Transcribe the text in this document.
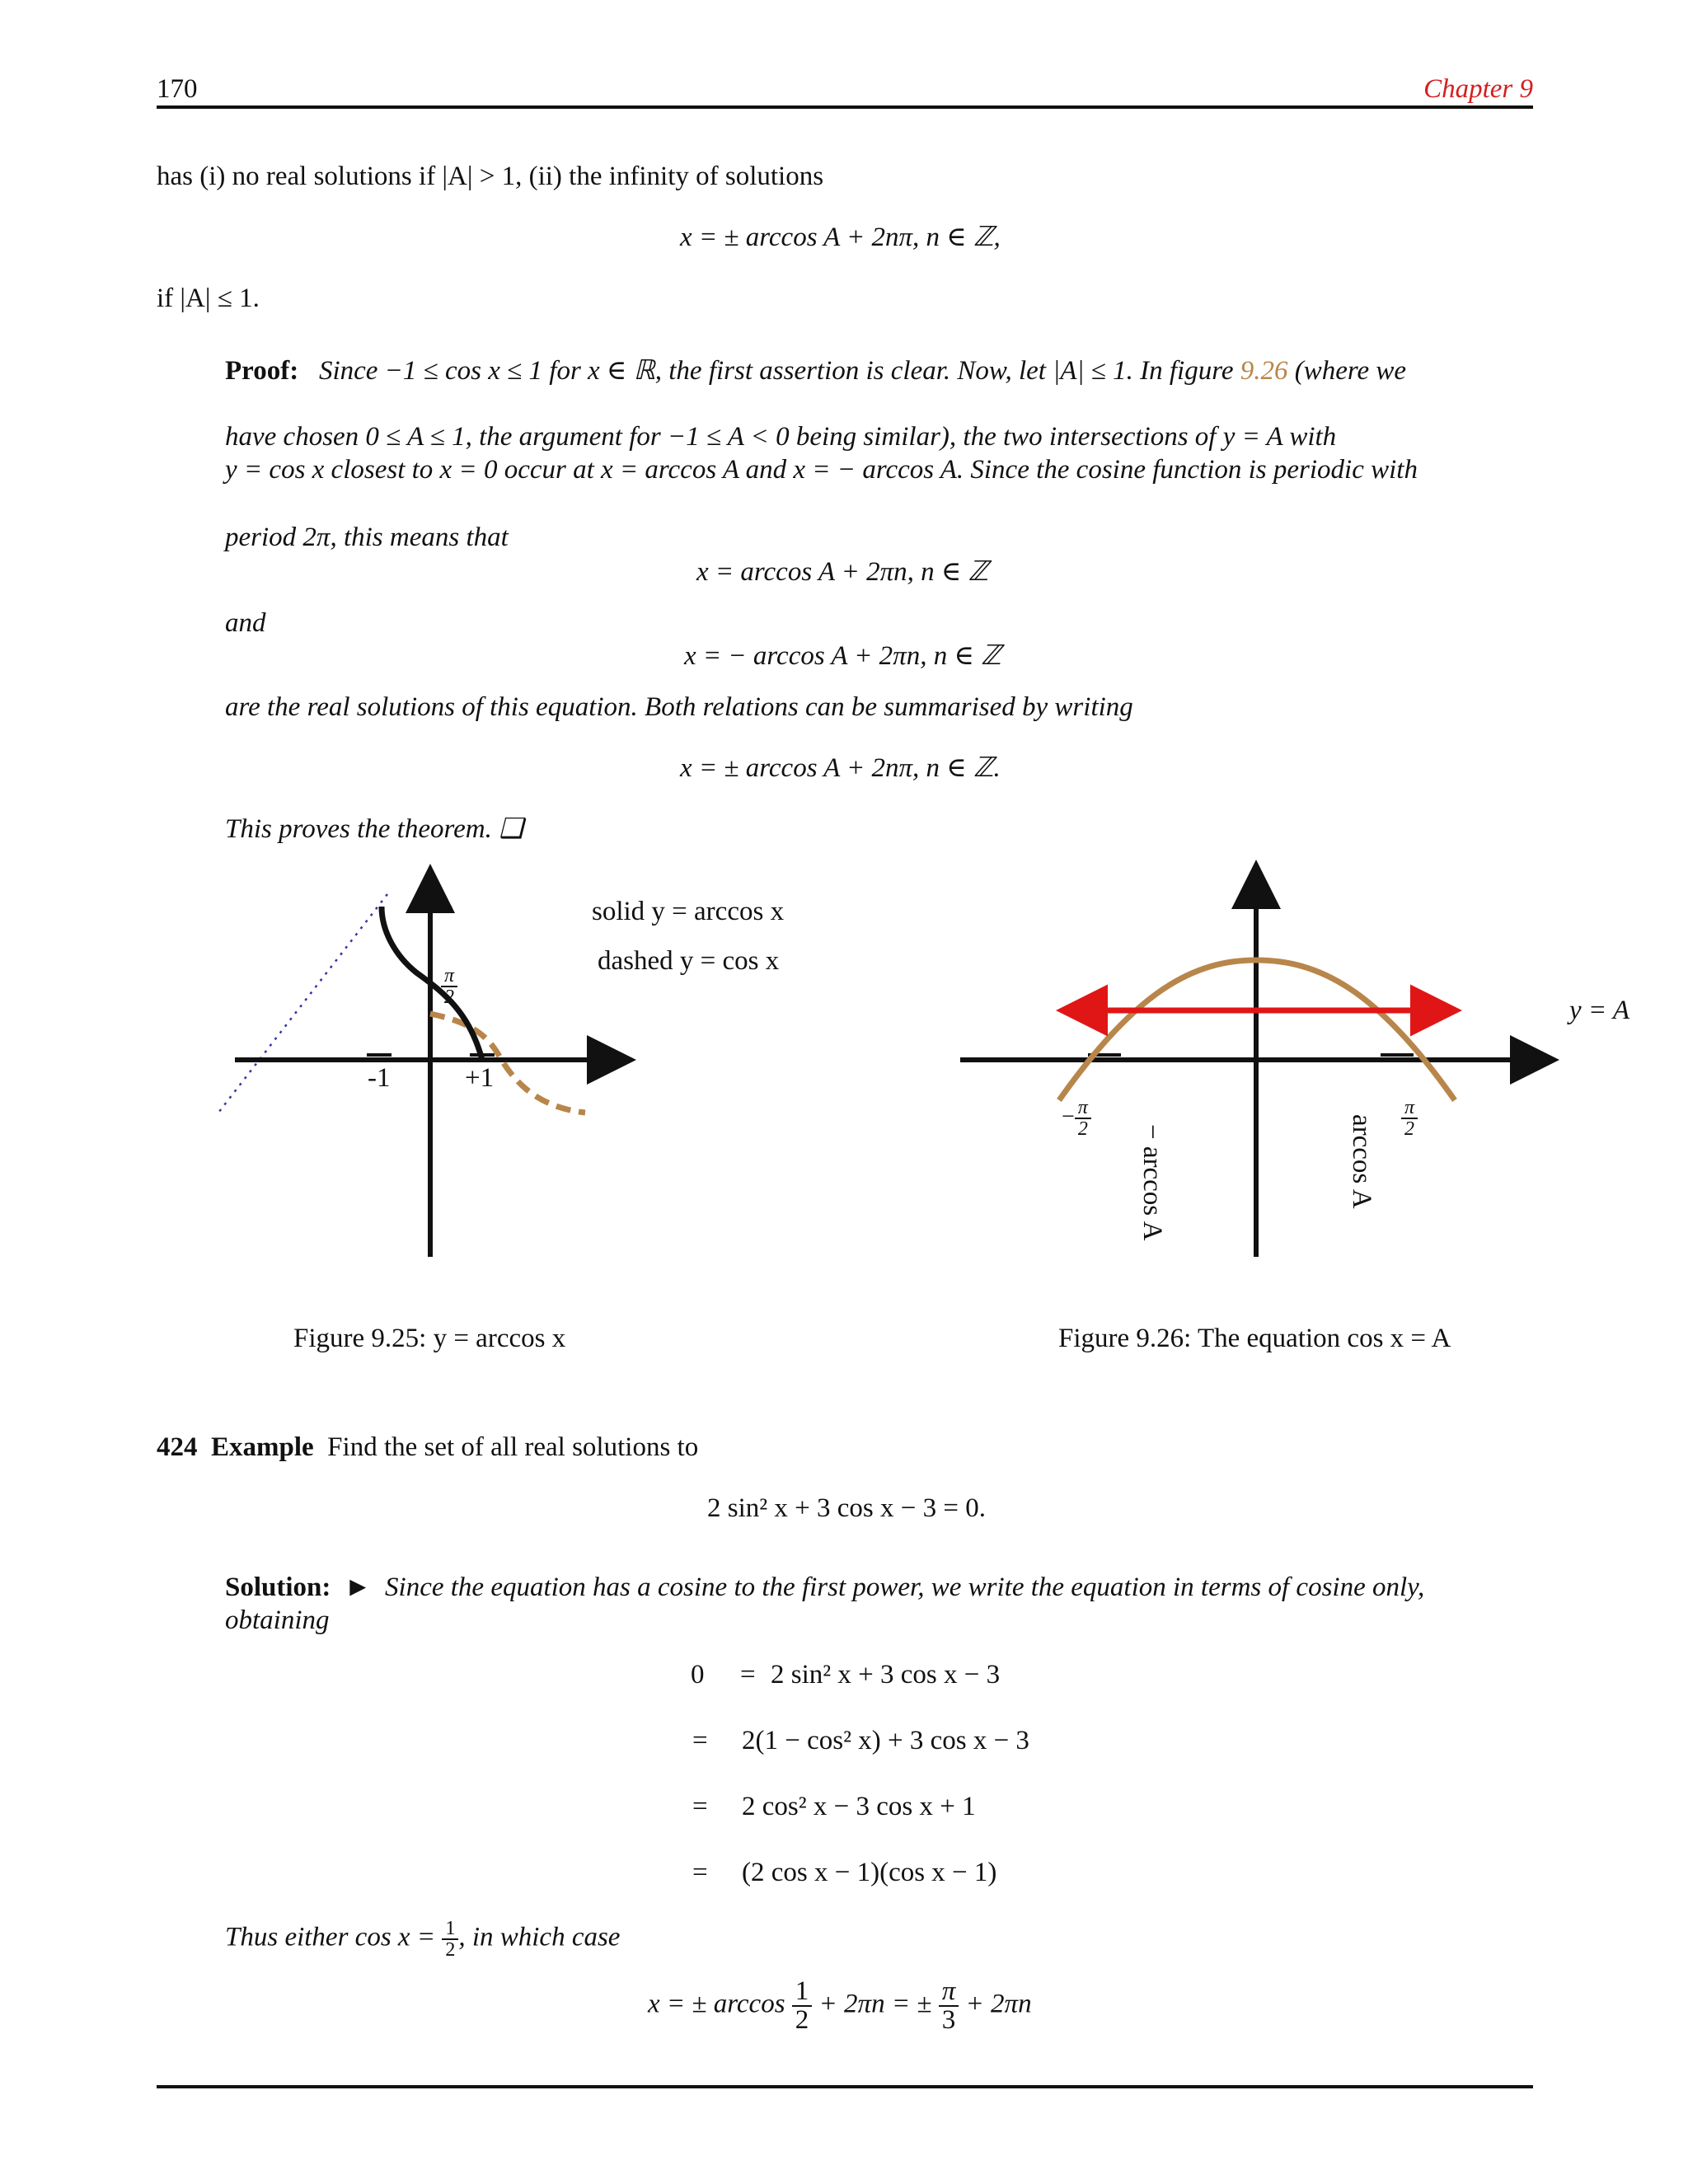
170	Chapter 9
has (i) no real solutions if |A| > 1, (ii) the infinity of solutions
x = ± arccos A + 2nπ, n ∈ ℤ,
if |A| ≤ 1.
Proof: Since −1 ≤ cos x ≤ 1 for x ∈ ℝ, the first assertion is clear. Now, let |A| ≤ 1. In figure 9.26 (where we
have chosen 0 ≤ A ≤ 1, the argument for −1 ≤ A < 0 being similar), the two intersections of y = A with
y = cos x closest to x = 0 occur at x = arccos A and x = − arccos A. Since the cosine function is periodic with
period 2π, this means that
x = arccos A + 2πn, n ∈ ℤ
and
x = − arccos A + 2πn, n ∈ ℤ
are the real solutions of this equation. Both relations can be summarised by writing
x = ± arccos A + 2nπ, n ∈ ℤ.
This proves the theorem. ❑
π
$\frac{\pi}{2}$
-1	+1
solid y = arccos x
dashed y = cos x
Figure 9.25: y = arccos x
y = A
− $\frac{\pi}{2}$	$\frac{\pi}{2}$
− arccos A	arccos A
Figure 9.26: The equation cos x = A
424 Example Find the set of all real solutions to
2 sin² x + 3 cos x − 3 = 0.
Solution: ► Since the equation has a cosine to the first power, we write the equation in terms of cosine only,
obtaining
0 = 2 sin² x + 3 cos x − 3
= 2(1 − cos² x) + 3 cos x − 3
= 2 cos² x − 3 cos x + 1
= (2 cos x − 1)(cos x − 1)
Thus either $\cos x = \frac{1}{2}$ , in which case
x = ± $\arccos \frac{1}{2} + 2\pi n$ = ± $\frac{\pi}{3} + 2\pi n$
